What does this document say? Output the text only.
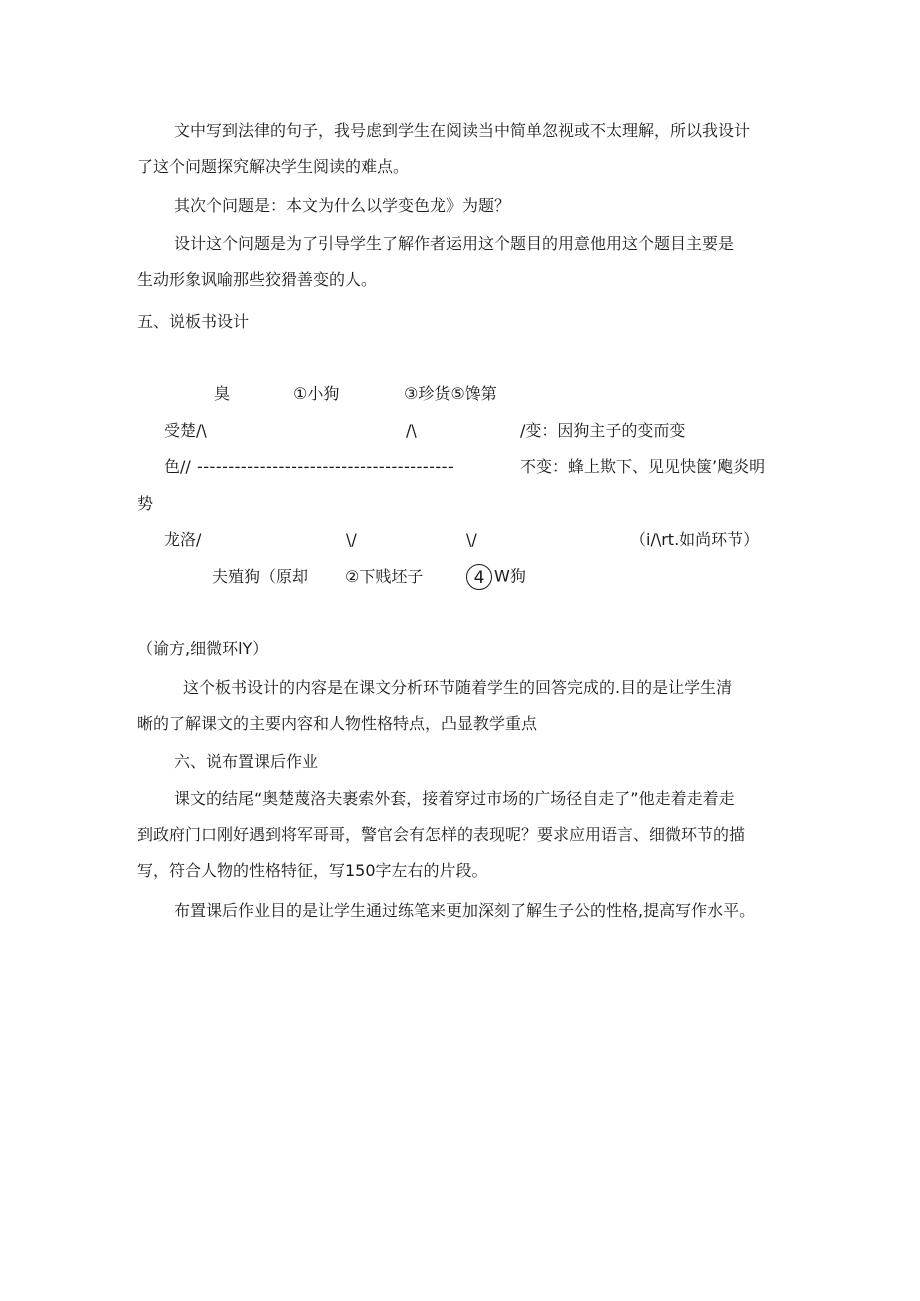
文中写到法律的句子，我号虑到学生在阅读当中简单忽视或不太理解，所以我设计
了这个问题探究解决学生阅读的难点。
其次个问题是：本文为什么以学变色龙》为题？
设计这个问题是为了引导学生了解作者运用这个题目的用意他用这个题目主要是
生动形象讽喻那些狡猾善变的人。
五、说板书设计
臭	①小狗	③珍货⑤馋第
受楚/\	/\	/变：因狗主子的变而变
色// -----------------------------------------	不变：蜂上欺下、见见快箧’飑炎明
势
龙洛/	\/	\/	（i∕\rt.如尚环节）
夫殖狗（原却 ②下贱坯子	4 W狗
（谕方,细微环lY）
这个板书设计的内容是在课文分析环节随着学生的回答完成的.目的是让学生清
晰的了解课文的主要内容和人物性格特点，凸显教学重点
六、说布置课后作业
课文的结尾“奥楚蔑洛夫裹索外套，接着穿过市场的广场径自走了”他走着走着走
到政府门口刚好遇到将军哥哥，警官会有怎样的表现呢？要求应用语言、细微环节的描
写，符合人物的性格特征，写150字左右的片段。
布置课后作业目的是让学生通过练笔来更加深刻了解生子公的性格,提高写作水平。
